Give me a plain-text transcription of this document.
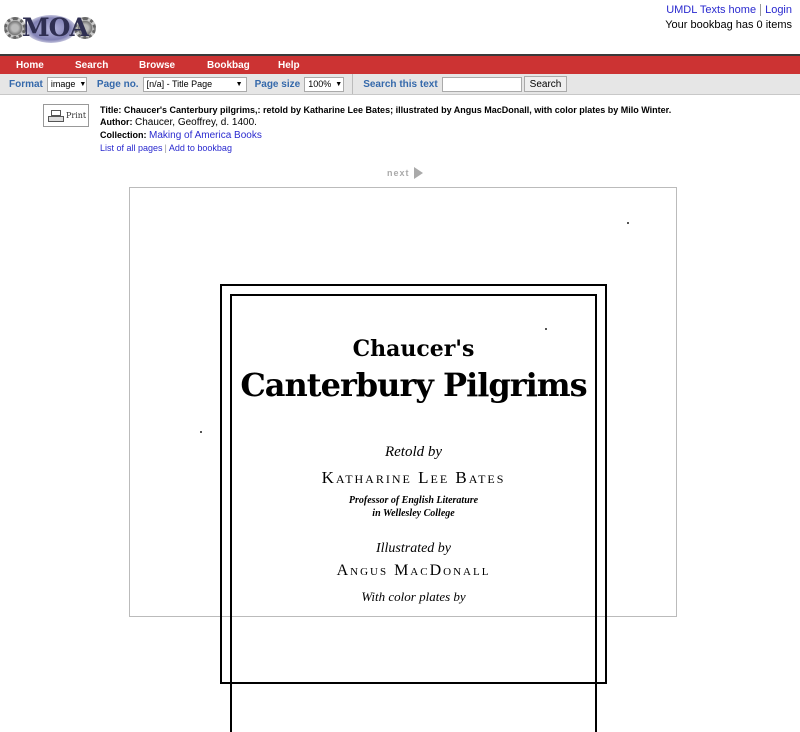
MOA
UMDL Texts home Login
Your bookbag has 0 items
Home	Search	Browse	Bookbag	Help
Format image ▼ Page no. [n/a] - Title Page	▼ Page size 100% ▼ Search this text	Search
Print
Title: Chaucer's Canterbury pilgrims,: retold by Katharine Lee Bates; illustrated by Angus MacDonall, with color plates by Milo Winter.
Author: Chaucer, Geoffrey, d. 1400.
Collection: Making of America Books
List of all pages | Add to bookbag
next
Chaucer's
Canterbury Pilgrims
Retold by
Katharine Lee Bates
Professor of English Literature
in Wellesley College
Illustrated by
Angus MacDonall
With color plates by
